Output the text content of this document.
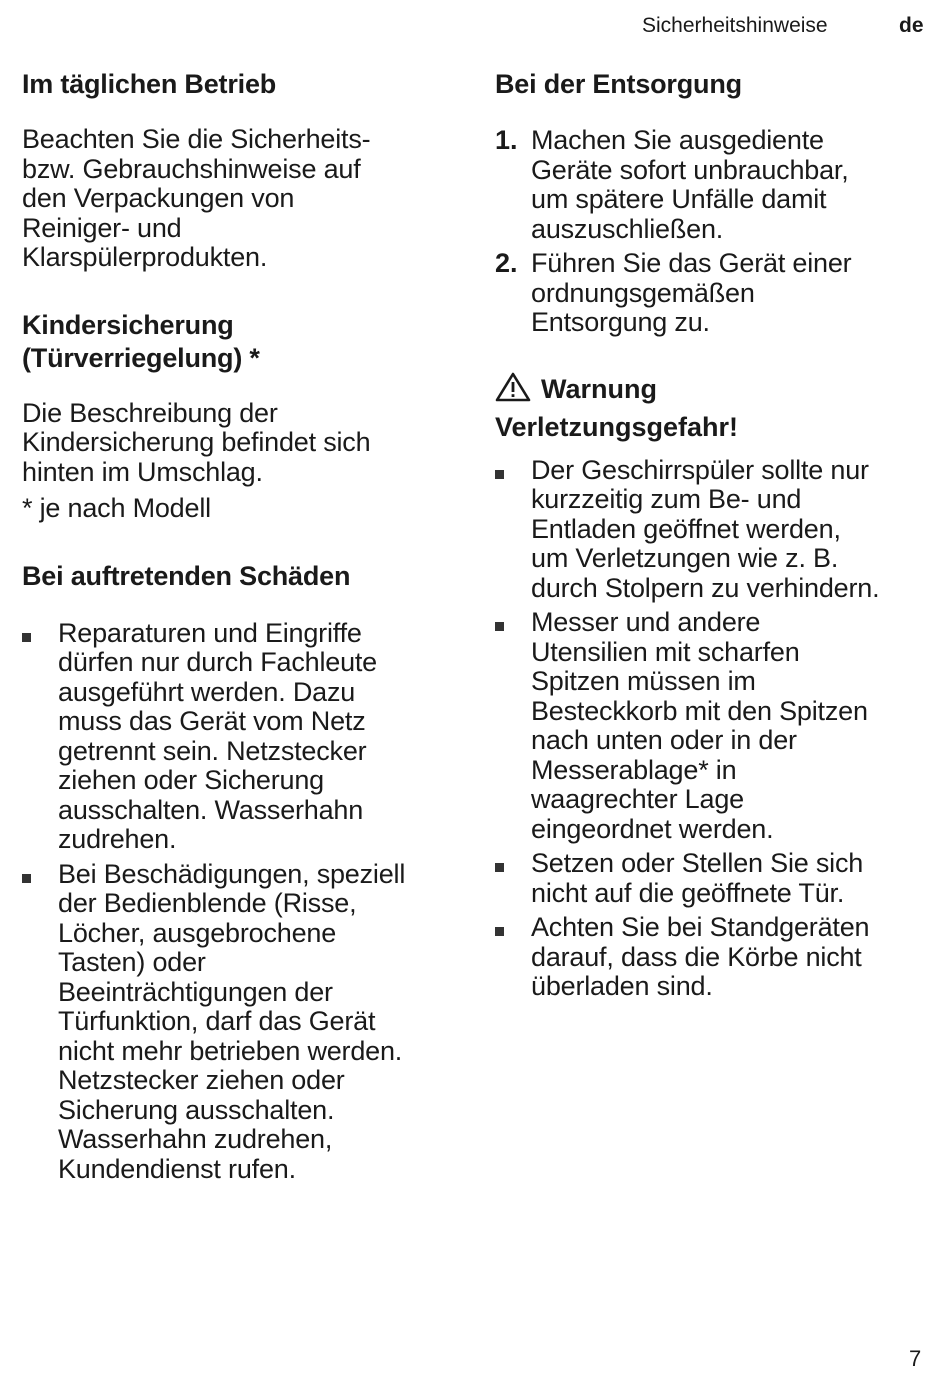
Sicherheitshinweise	de
Im täglichen Betrieb

Beachten Sie die Sicherheits-
bzw. Gebrauchshinweise auf
den Verpackungen von
Reiniger- und
Klarspülerprodukten.

Kindersicherung
(Türverriegelung) *

Die Beschreibung der
Kindersicherung befindet sich
hinten im Umschlag.

* je nach Modell

Bei auftretenden Schäden
Reparaturen und Eingriffe
dürfen nur durch Fachleute
ausgeführt werden. Dazu
muss das Gerät vom Netz
getrennt sein. Netzstecker
ziehen oder Sicherung
ausschalten. Wasserhahn
zudrehen.
Bei Beschädigungen, speziell
der Bedienblende (Risse,
Löcher, ausgebrochene
Tasten) oder
Beeinträchtigungen der
Türfunktion, darf das Gerät
nicht mehr betrieben werden.
Netzstecker ziehen oder
Sicherung ausschalten.
Wasserhahn zudrehen,
Kundendienst rufen.
Bei der Entsorgung
1. Machen Sie ausgediente
Geräte sofort unbrauchbar,
um spätere Unfälle damit
auszuschließen.
2. Führen Sie das Gerät einer
ordnungsgemäßen
Entsorgung zu.
Warnung
Verletzungsgefahr!
Der Geschirrspüler sollte nur
kurzzeitig zum Be- und
Entladen geöffnet werden,
um Verletzungen wie z. B.
durch Stolpern zu verhindern.
Messer und andere
Utensilien mit scharfen
Spitzen müssen im
Besteckkorb mit den Spitzen
nach unten oder in der
Messerablage* in
waagrechter Lage
eingeordnet werden.
Setzen oder Stellen Sie sich
nicht auf die geöffnete Tür.
Achten Sie bei Standgeräten
darauf, dass die Körbe nicht
überladen sind.
7
